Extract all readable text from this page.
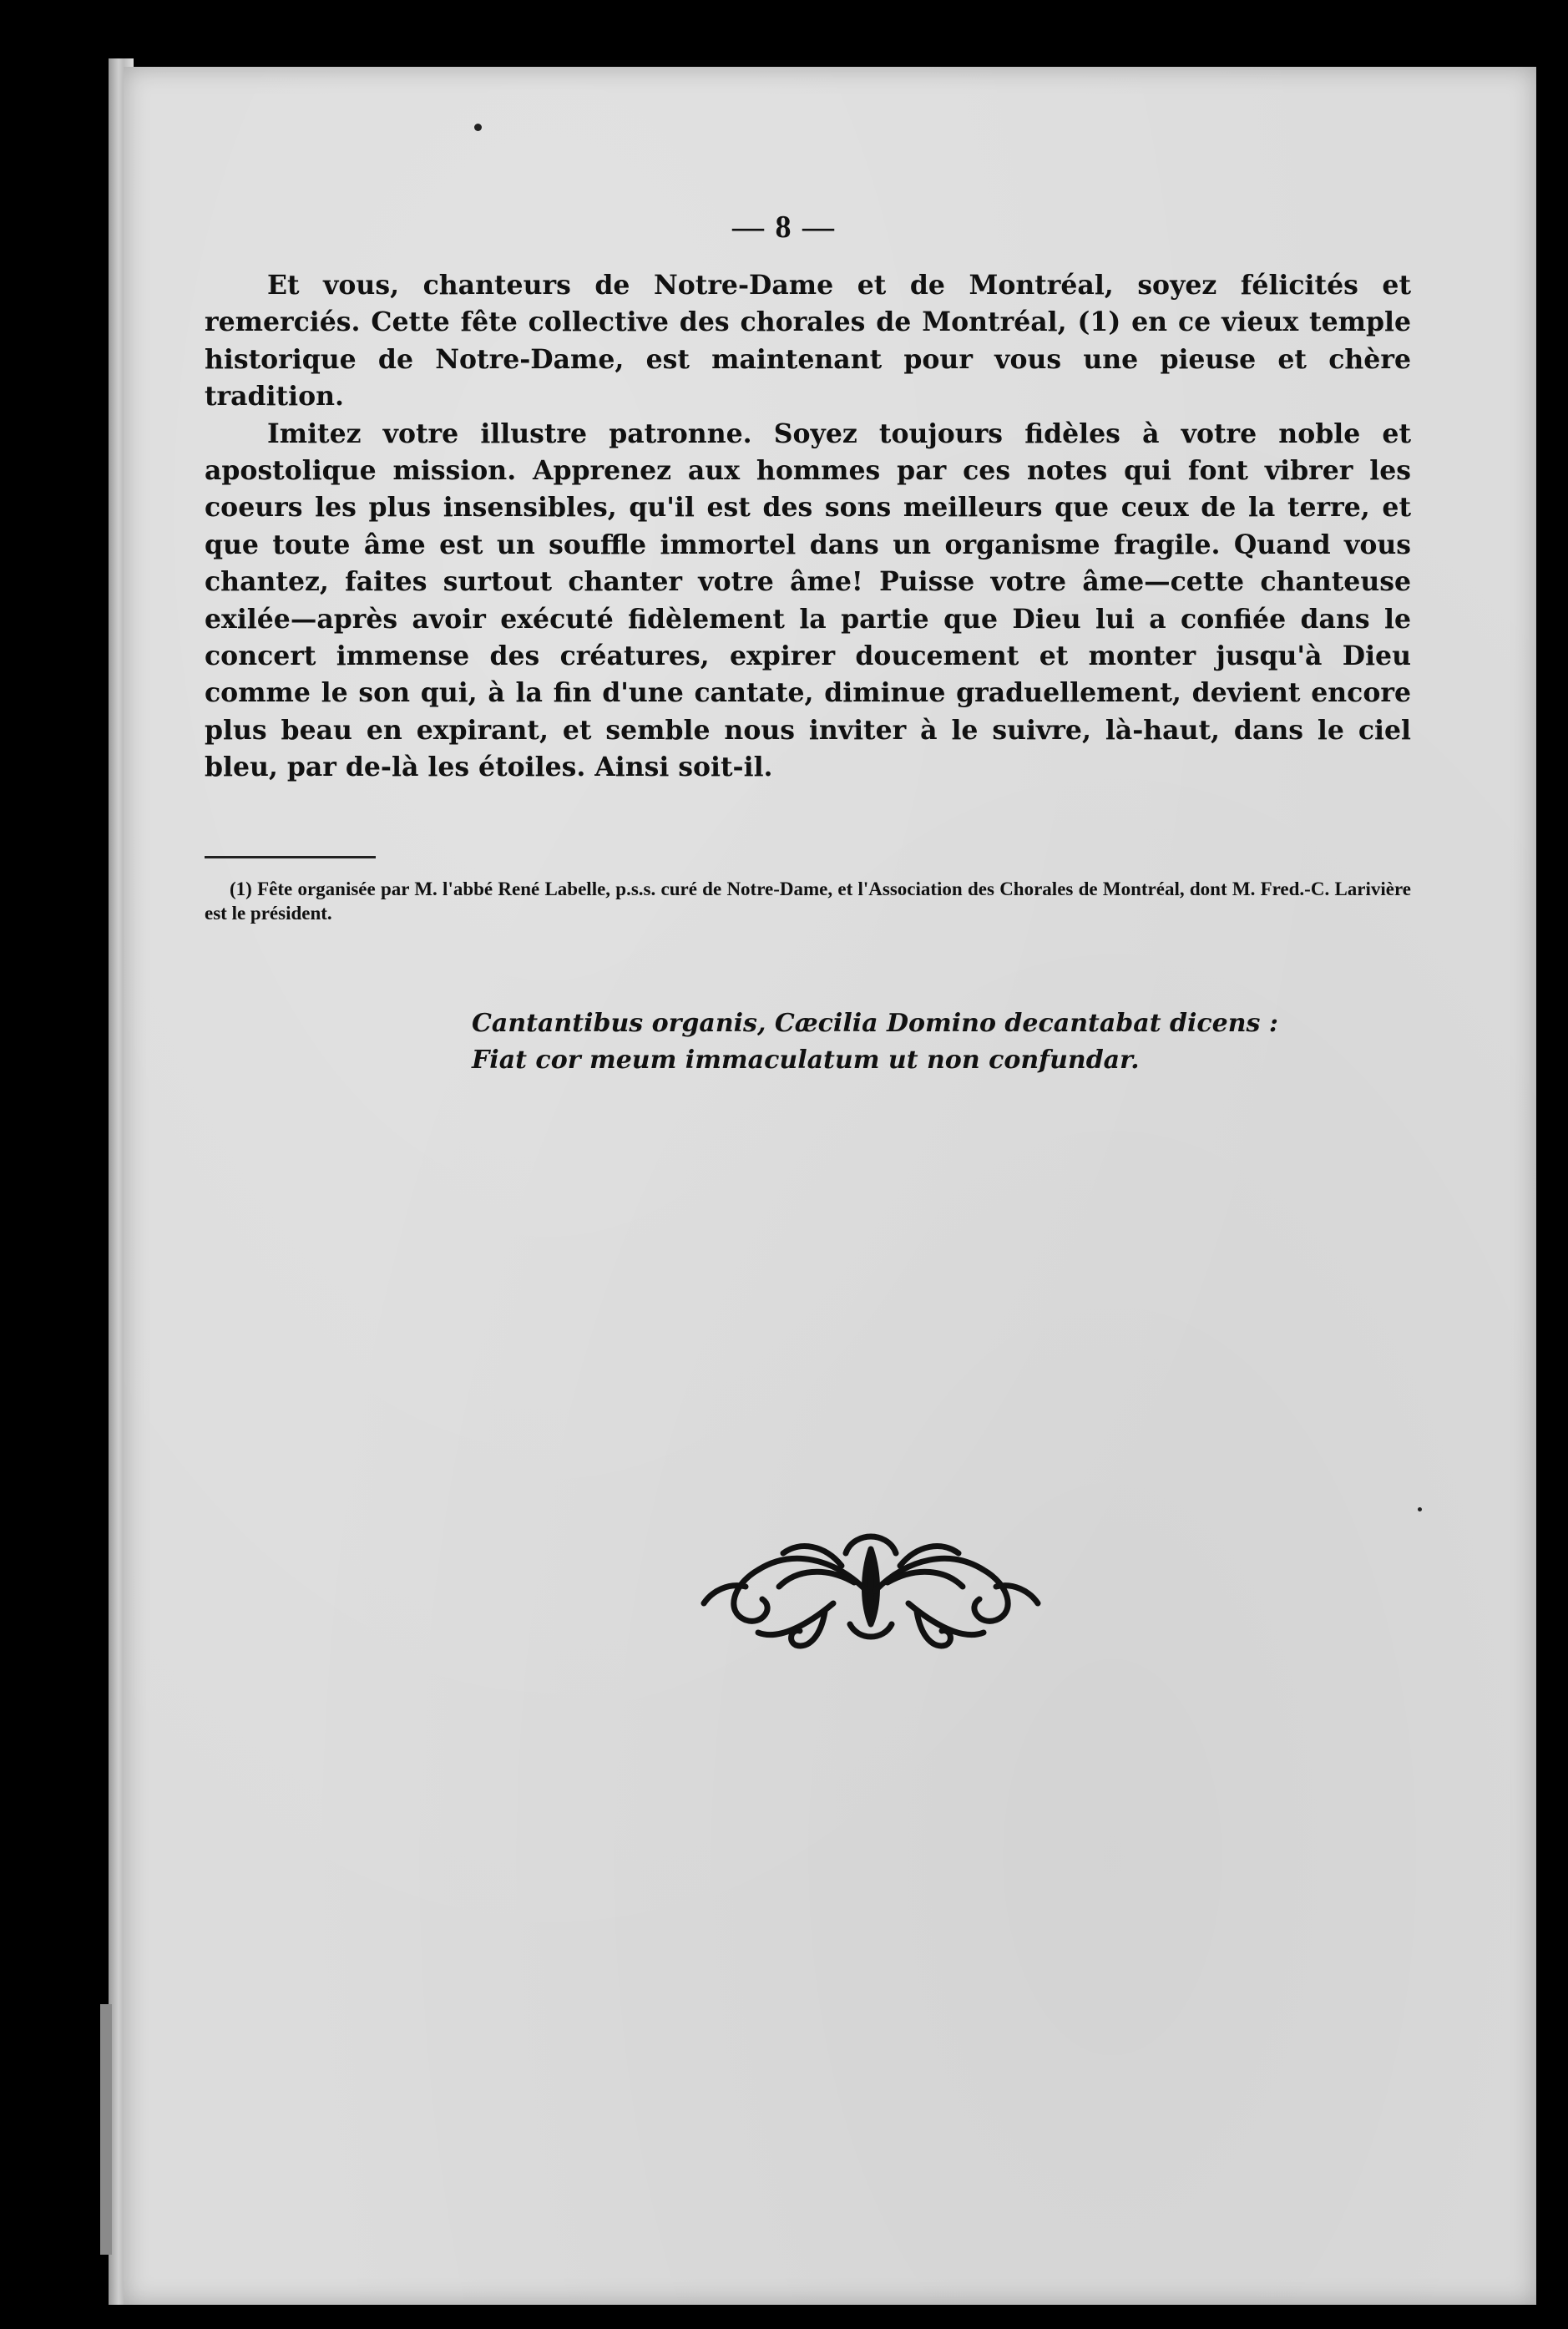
— 8 —

Et vous, chanteurs de Notre-Dame et de Montréal, soyez félicités et remerciés. Cette fête collective des chorales de Montréal, (1) en ce vieux temple historique de Notre-Dame, est maintenant pour vous une pieuse et chère tradition.

Imitez votre illustre patronne. Soyez toujours fidèles à votre noble et apostolique mission. Apprenez aux hommes par ces notes qui font vibrer les coeurs les plus insensibles, qu'il est des sons meilleurs que ceux de la terre, et que toute âme est un souffle immortel dans un organisme fragile. Quand vous chantez, faites surtout chanter votre âme! Puisse votre âme—cette chanteuse exilée—après avoir exécuté fidèlement la partie que Dieu lui a confiée dans le concert immense des créatures, expirer doucement et monter jusqu'à Dieu comme le son qui, à la fin d'une cantate, diminue graduellement, devient encore plus beau en expirant, et semble nous inviter à le suivre, là-haut, dans le ciel bleu, par de-là les étoiles. Ainsi soit-il.

(1) Fête organisée par M. l'abbé René Labelle, p.s.s. curé de Notre-Dame, et l'Association des Chorales de Montréal, dont M. Fred.-C. Larivière est le président.

Cantantibus organis, Cæcilia Domino decantabat dicens :
Fiat cor meum immaculatum ut non confundar.
